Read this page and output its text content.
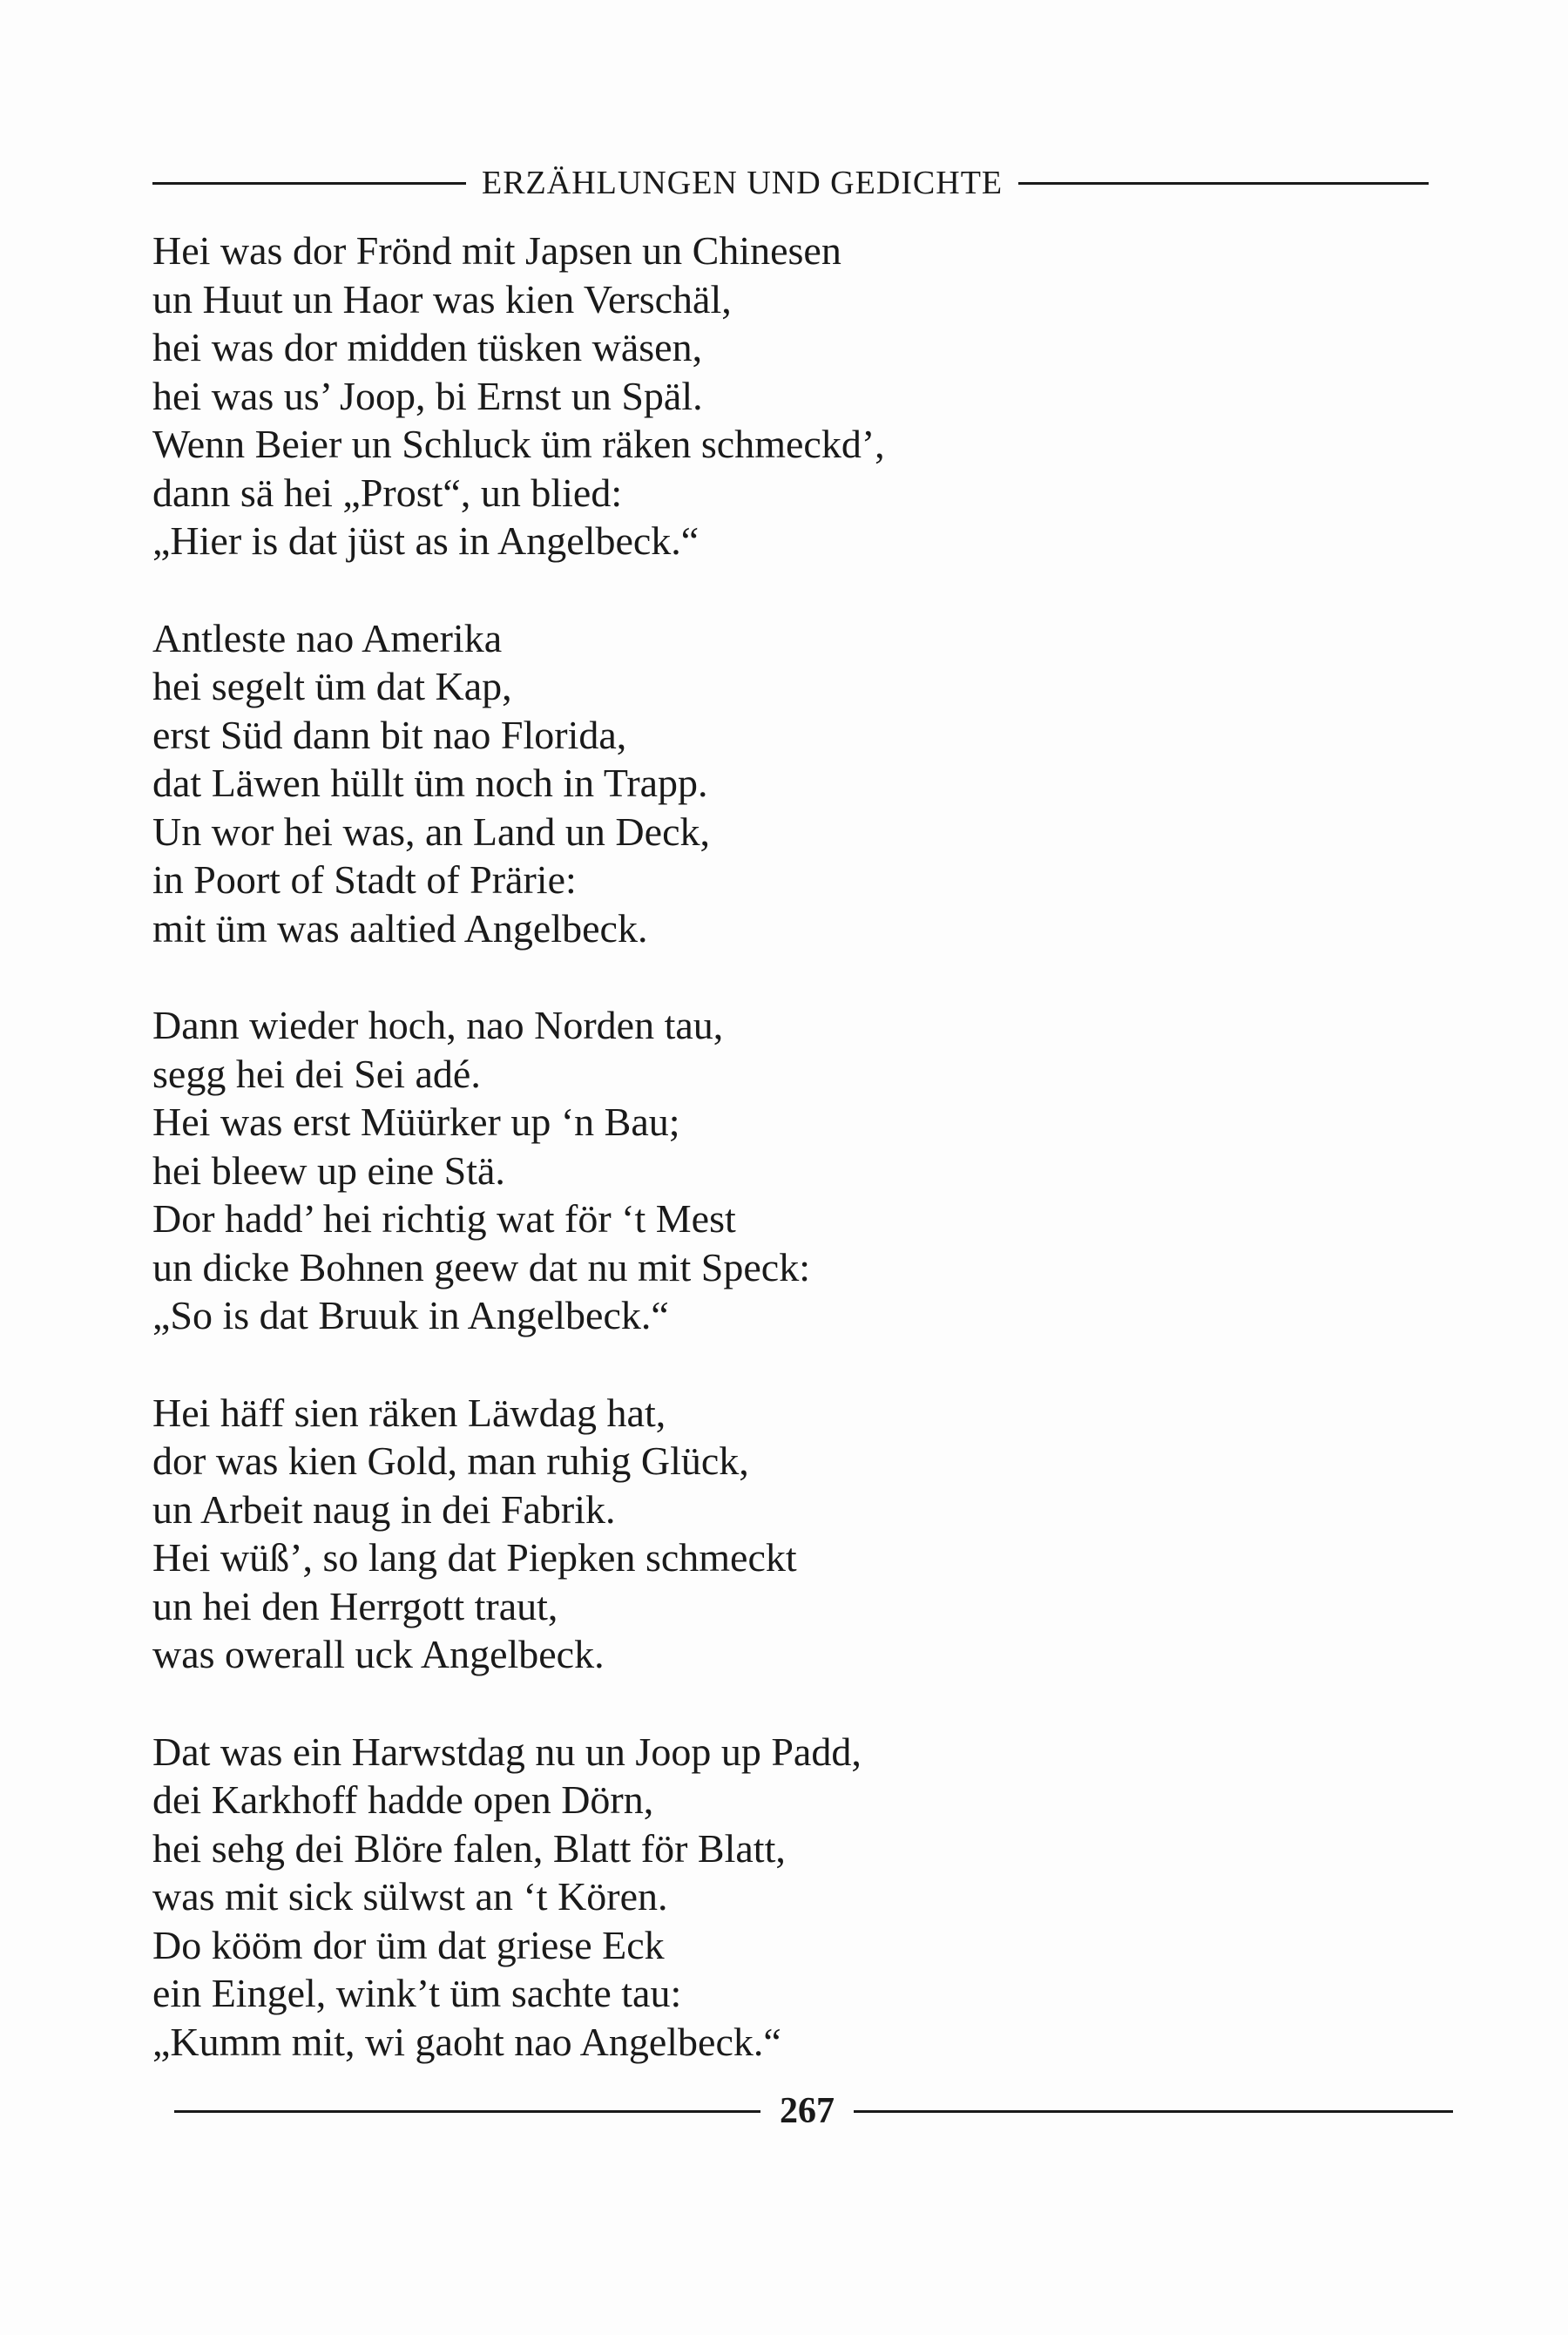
ERZÄHLUNGEN UND GEDICHTE
Hei was dor Frönd mit Japsen un Chinesen
un Huut un Haor was kien Verschäl,
hei was dor midden tüsken wäsen,
hei was us’ Joop, bi Ernst un Späl.
Wenn Beier un Schluck üm räken schmeckd’,
dann sä hei „Prost“, un blied:
„Hier is dat jüst as in Angelbeck.“
Antleste nao Amerika
hei segelt üm dat Kap,
erst Süd dann bit nao Florida,
dat Läwen hüllt üm noch in Trapp.
Un wor hei was, an Land un Deck,
in Poort of Stadt of Prärie:
mit üm was aaltied Angelbeck.
Dann wieder hoch, nao Norden tau,
segg hei dei Sei adé.
Hei was erst Müürker up ‘n Bau;
hei bleew up eine Stä.
Dor hadd’ hei richtig wat för ‘t Mest
un dicke Bohnen geew dat nu mit Speck:
„So is dat Bruuk in Angelbeck.“
Hei häff sien räken Läwdag hat,
dor was kien Gold, man ruhig Glück,
un Arbeit naug in dei Fabrik.
Hei wüß’, so lang dat Piepken schmeckt
un hei den Herrgott traut,
was owerall uck Angelbeck.
Dat was ein Harwstdag nu un Joop up Padd,
dei Karkhoff hadde open Dörn,
hei sehg dei Blöre falen, Blatt för Blatt,
was mit sick sülwst an ‘t Kören.
Do kööm dor üm dat griese Eck
ein Eingel, wink’t üm sachte tau:
„Kumm mit, wi gaoht nao Angelbeck.“
267
